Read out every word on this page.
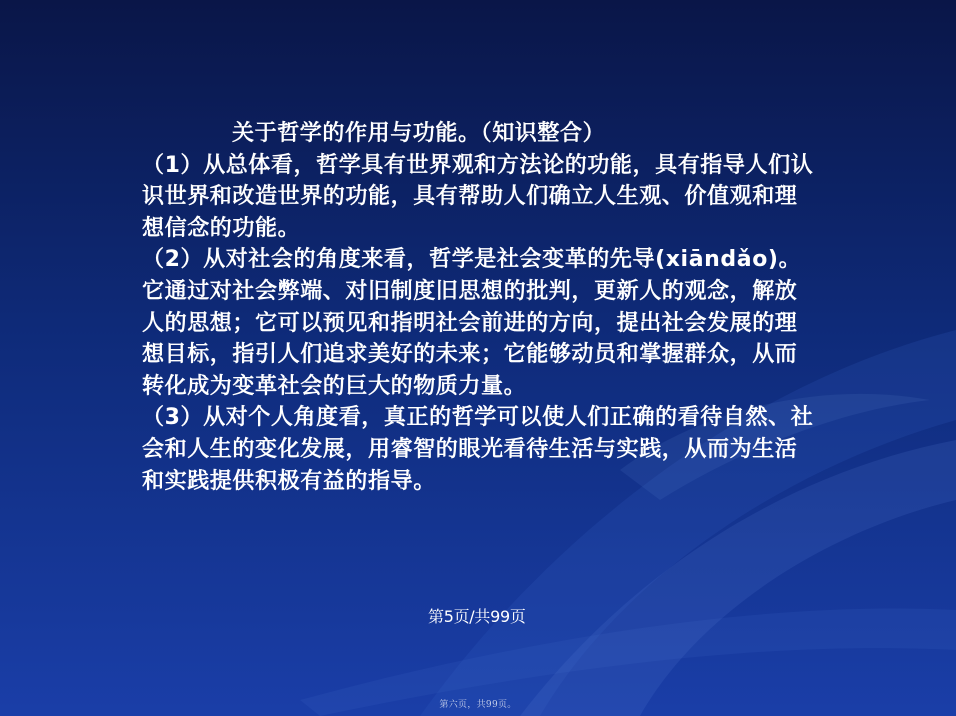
关于哲学的作用与功能。（知识整合）

（1）从总体看，哲学具有世界观和方法论的功能，具有指导人们认识世界和改造世界的功能，具有帮助人们确立人生观、价值观和理想信念的功能。

（2）从对社会的角度来看，哲学是社会变革的先导(xiāndǎo)。它通过对社会弊端、对旧制度旧思想的批判，更新人的观念，解放人的思想；它可以预见和指明社会前进的方向，提出社会发展的理想目标，指引人们追求美好的未来；它能够动员和掌握群众，从而转化成为变革社会的巨大的物质力量。

（3）从对个人角度看，真正的哲学可以使人们正确的看待自然、社会和人生的变化发展，用睿智的眼光看待生活与实践，从而为生活和实践提供积极有益的指导。

第5页/共99页
第六页，共99页。
